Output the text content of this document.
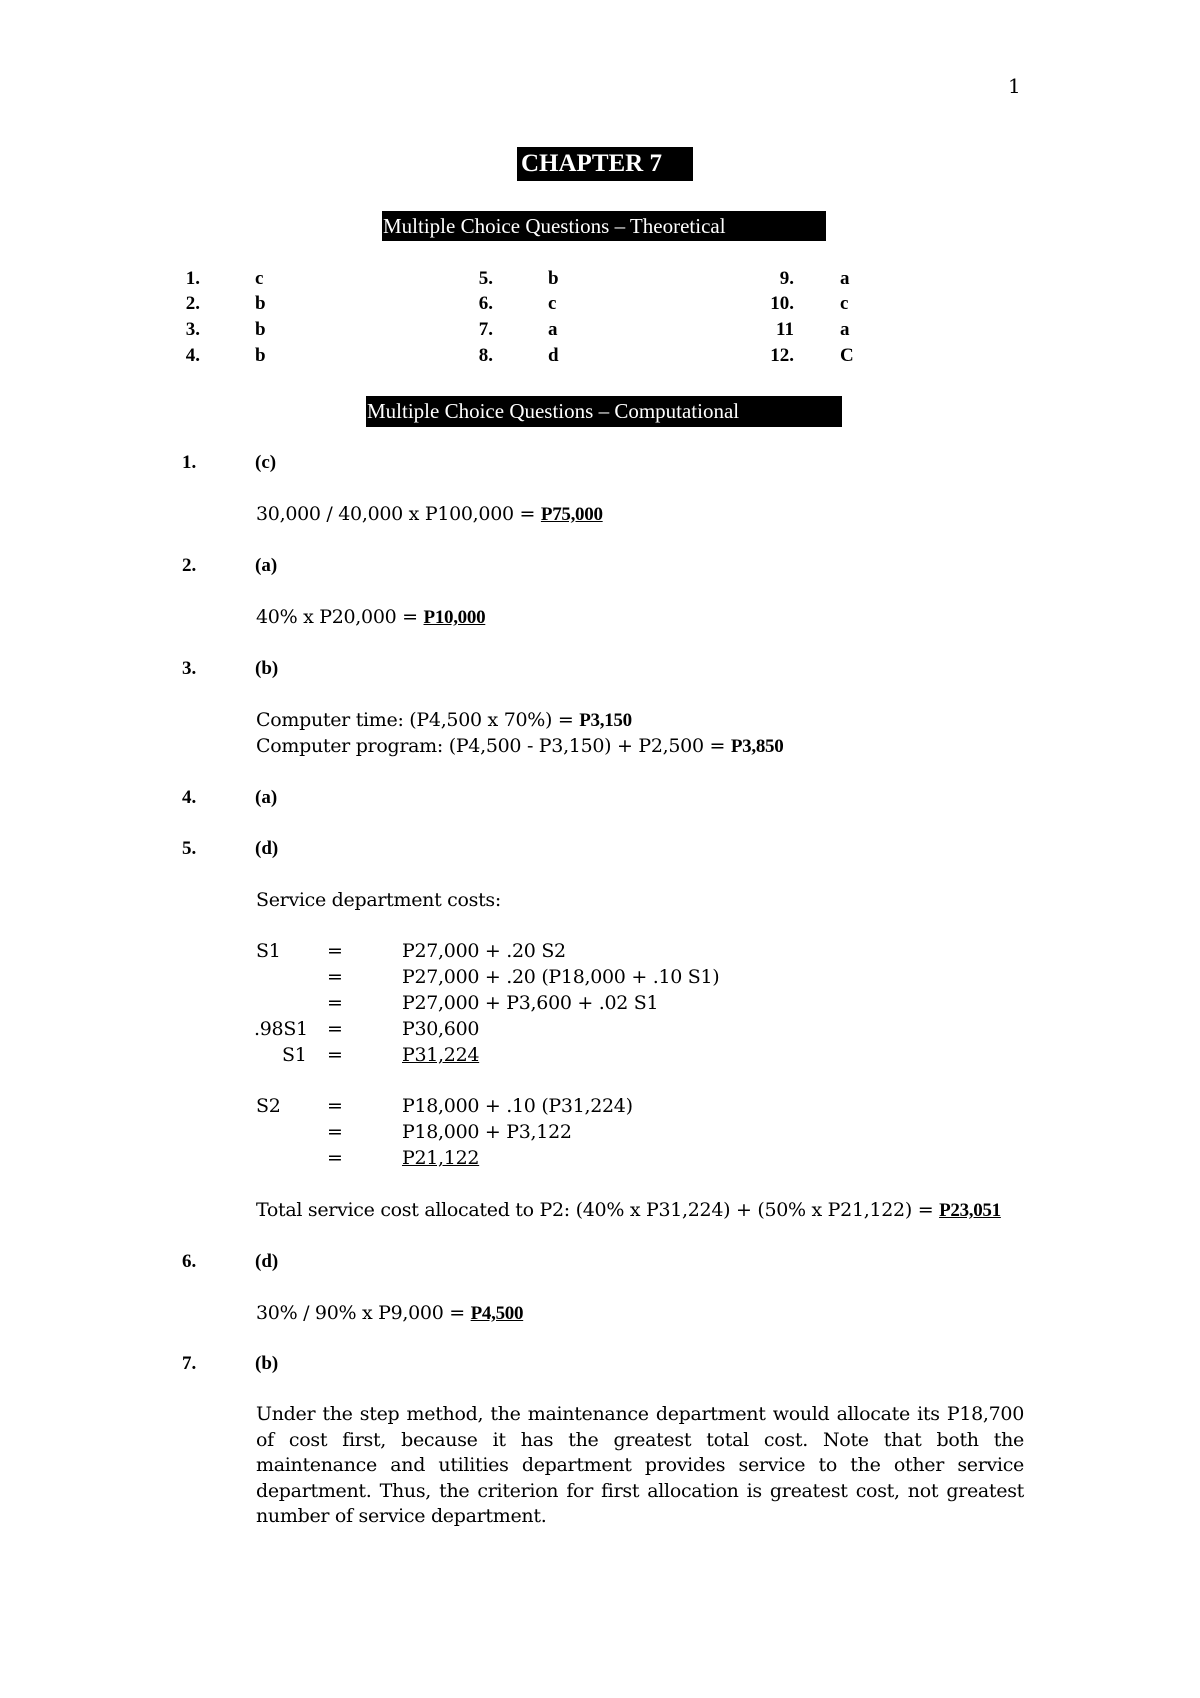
1
CHAPTER 7
Multiple Choice Questions – Theoretical
1.	c
2.	b
3.	b
4.	b
5.	b
6.	c
7.	a
8.	d
9. a
10. c
11 a
12. C
Multiple Choice Questions – Computational
1.	(c)
30,000 / 40,000 x P100,000 = P75,000
2.	(a)
40% x P20,000 = P10,000
3.	(b)
Computer time: (P4,500 x 70%) = P3,150
Computer program: (P4,500 - P3,150) + P2,500 = P3,850
4.	(a)
5.	(d)
Service department costs:
S1 =	P27,000 + .20 S2
=	P27,000 + .20 (P18,000 + .10 S1)
=	P27,000 + P3,600 + .02 S1
.98S1 =	P30,600
S1 =	P31,224
S2 =	P18,000 + .10 (P31,224)
=	P18,000 + P3,122
=	P21,122
Total service cost allocated to P2: (40% x P31,224) + (50% x P21,122) = P23,051
6.	(d)
30% / 90% x P9,000 = P4,500
7.	(b)
Under the step method, the maintenance department would allocate its P18,700 of cost first, because it has the greatest total cost. Note that both the maintenance and utilities department provides service to the other service department. Thus, the criterion for first allocation is greatest cost, not greatest number of service department.
